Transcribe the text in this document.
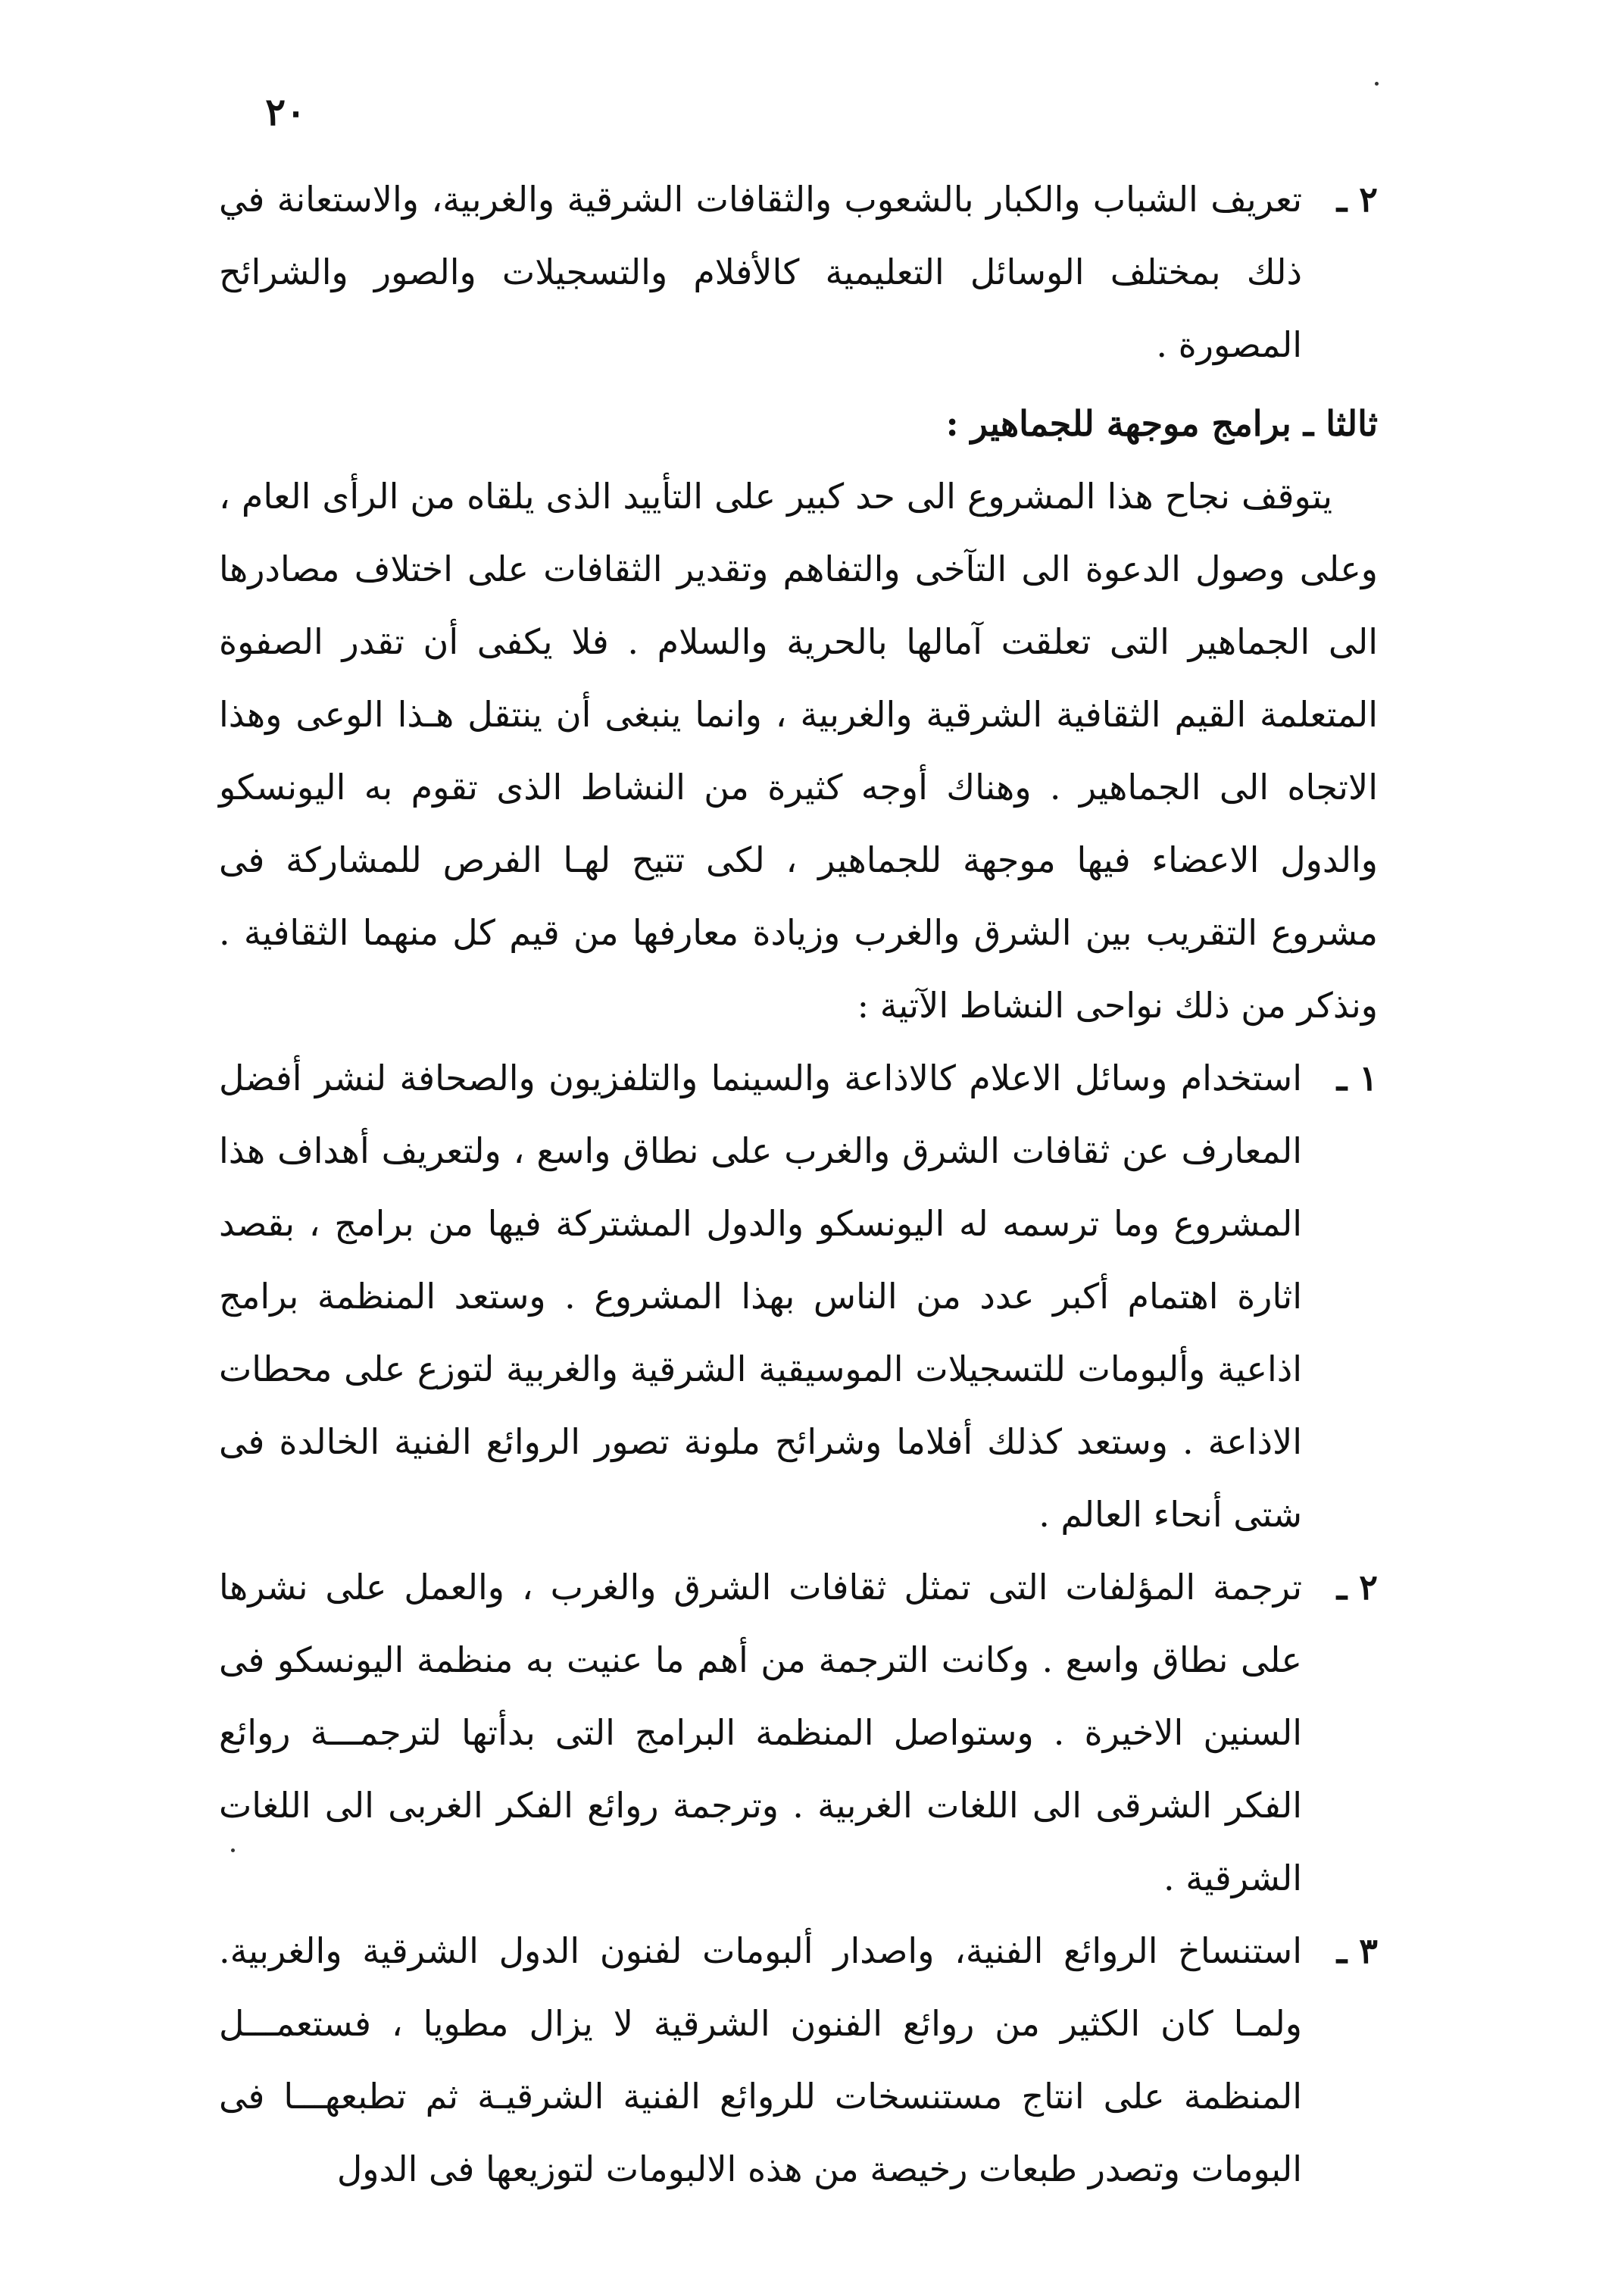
٢٠
٢ ـ

تعريف الشباب والكبار بالشعوب والثقافات الشرقية والغربية، والاستعانة في ذلك بمختلف الوسائل التعليمية كالأفلام والتسجيلات والصور والشرائح المصورة .

ثالثا ـ برامج موجهة للجماهير :

يتوقف نجاح هذا المشروع الى حد كبير على التأييد الذى يلقاه من الرأى العام ، وعلى وصول الدعوة الى التآخى والتفاهم وتقدير الثقافات على اختلاف مصادرها الى الجماهير التى تعلقت آمالها بالحرية والسلام . فلا يكفى أن تقدر الصفوة المتعلمة القيم الثقافية الشرقية والغربية ، وانما ينبغى أن ينتقل هـذا الوعى وهذا الاتجاه الى الجماهير . وهناك أوجه كثيرة من النشاط الذى تقوم به اليونسكو والدول الاعضاء فيها موجهة للجماهير ، لكى تتيح لهـا الفرص للمشاركة فى مشروع التقريب بين الشرق والغرب وزيادة معارفها من قيم كل منهما الثقافية . ونذكر من ذلك نواحى النشاط الآتية :

١ ـ

استخدام وسائل الاعلام كالاذاعة والسينما والتلفزيون والصحافة لنشر أفضل المعارف عن ثقافات الشرق والغرب على نطاق واسع ، ولتعريف أهداف هذا المشروع وما ترسمه له اليونسكو والدول المشتركة فيها من برامج ، بقصد اثارة اهتمام أكبر عدد من الناس بهذا المشروع . وستعد المنظمة برامج اذاعية وألبومات للتسجيلات الموسيقية الشرقية والغربية لتوزع على محطات الاذاعة . وستعد كذلك أفلاما وشرائح ملونة تصور الروائع الفنية الخالدة فى شتى أنحاء العالم .

٢ ـ

ترجمة المؤلفات التى تمثل ثقافات الشرق والغرب ، والعمل على نشرها على نطاق واسع . وكانت الترجمة من أهم ما عنيت به منظمة اليونسكو فى السنين الاخيرة . وستواصل المنظمة البرامج التى بدأتها لترجمـــة روائع الفكر الشرقى الى اللغات الغربية . وترجمة روائع الفكر الغربى الى اللغات الشرقية .

٣ ـ

استنساخ الروائع الفنية، واصدار ألبومات لفنون الدول الشرقية والغربية. ولمـا كان الكثير من روائع الفنون الشرقية لا يزال مطويا ، فستعمـــل المنظمة على انتاج مستنسخات للروائع الفنية الشرقيـة ثم تطبعهـــا فى البومات وتصدر طبعات رخيصة من هذه الالبومات لتوزيعها فى الدول
